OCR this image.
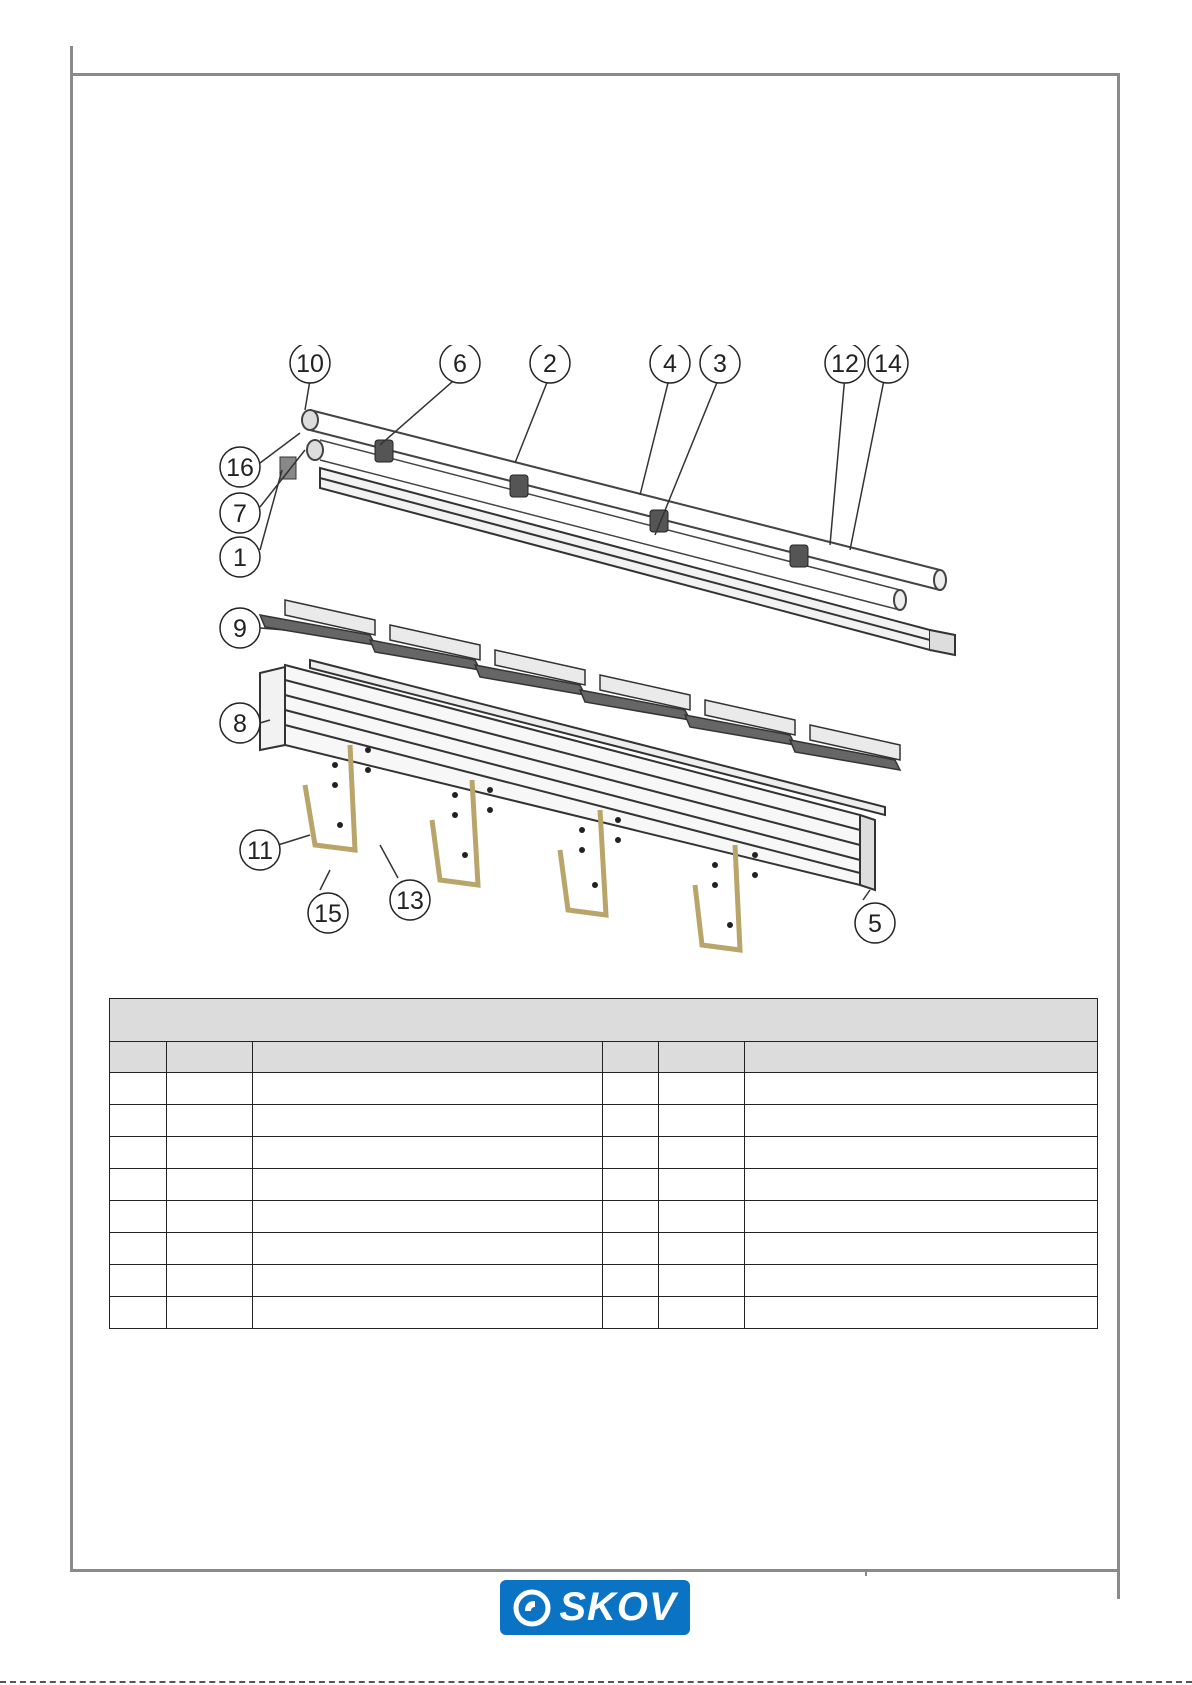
10	6	2	4 3	12 14
16
7
1
9
8
11
13
15	5

SKOV
